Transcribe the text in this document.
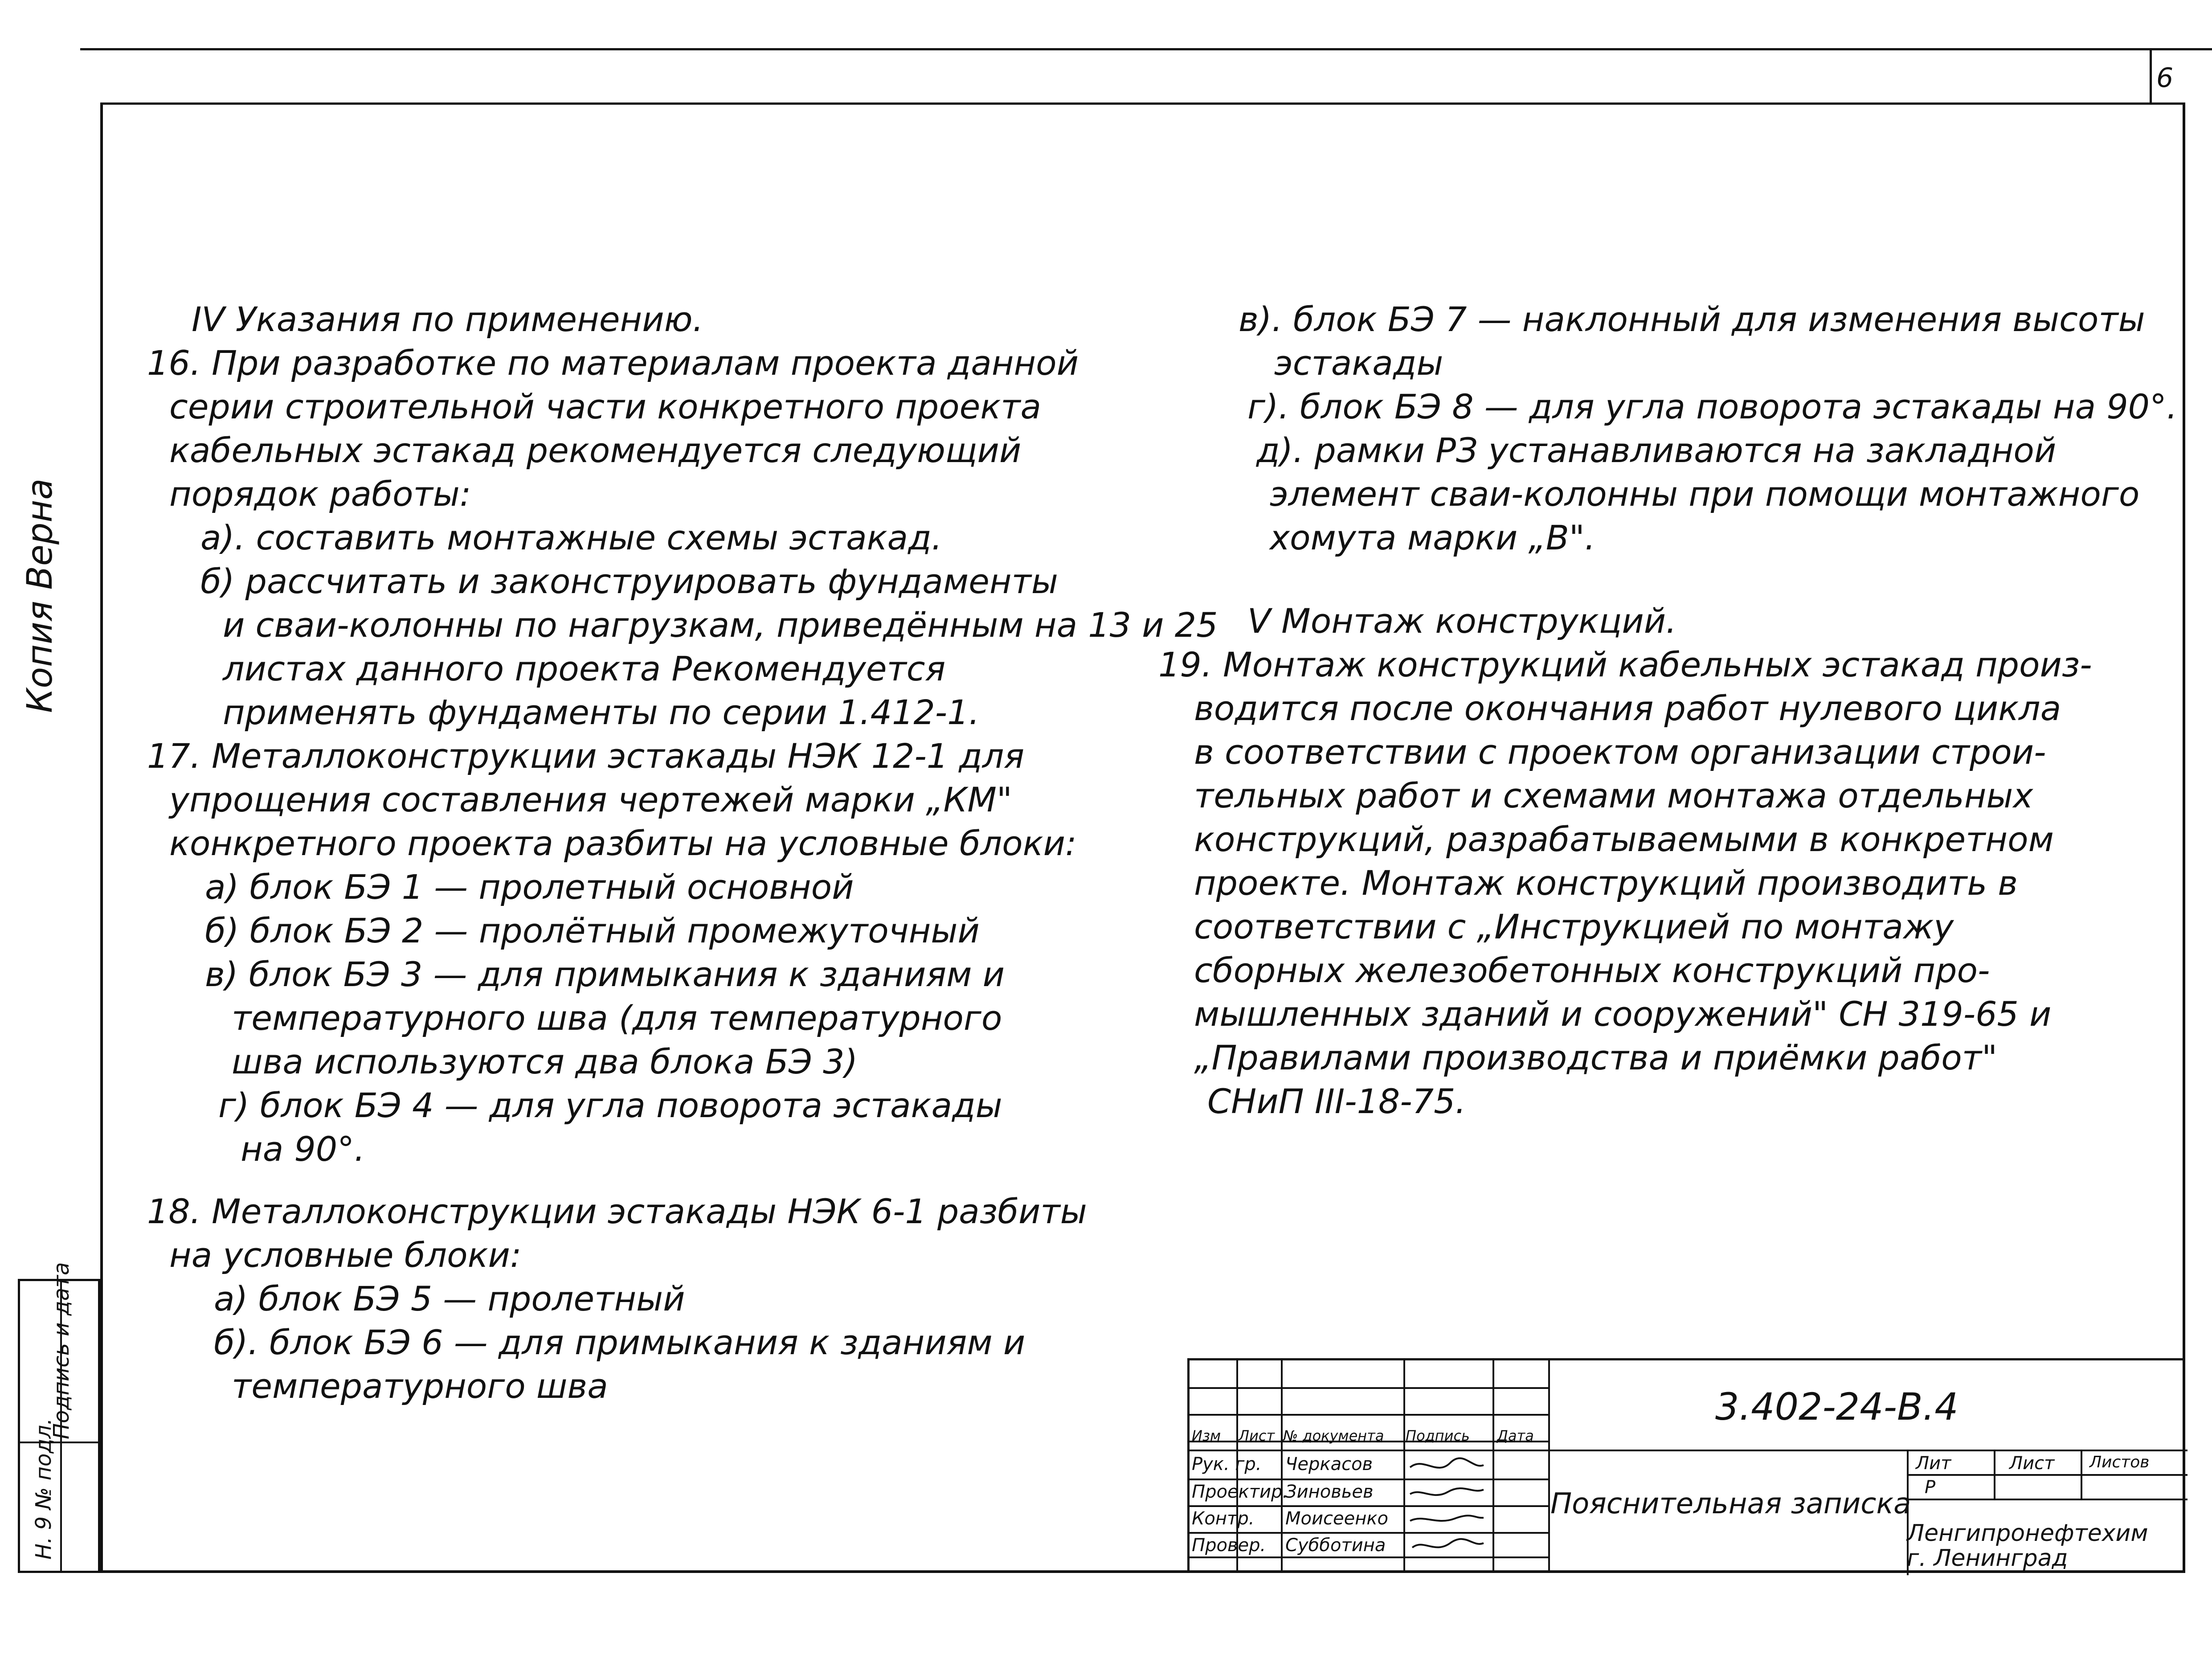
6
Копия Верна
Подпись и дата
Н. 9 № подл.
IV Указания по применению.
16. При разработке по материалам проекта данной
серии строительной части конкретного проекта
кабельных эстакад рекомендуется следующий
порядок работы:
а). составить монтажные схемы эстакад.
б) рассчитать и законструировать фундаменты
и сваи-колонны по нагрузкам, приведённым на 13 и 25
листах данного проекта Рекомендуется
применять фундаменты по серии 1.412-1.
17. Металлоконструкции эстакады НЭК 12-1 для
упрощения составления чертежей марки „КМ"
конкретного проекта разбиты на условные блоки:
а) блок БЭ 1 — пролетный основной
б) блок БЭ 2 — пролётный промежуточный
в) блок БЭ 3 — для примыкания к зданиям и
температурного шва (для температурного
шва используются два блока БЭ 3)
г) блок БЭ 4 — для угла поворота эстакады
на 90°.
18. Металлоконструкции эстакады НЭК 6-1 разбиты
на условные блоки:
а) блок БЭ 5 — пролетный
б). блок БЭ 6 — для примыкания к зданиям и
температурного шва
в). блок БЭ 7 — наклонный для изменения высоты
эстакады
г). блок БЭ 8 — для угла поворота эстакады на 90°.
д). рамки РЗ устанавливаются на закладной
элемент сваи-колонны при помощи монтажного
хомута марки „В".
V Монтаж конструкций.
19. Монтаж конструкций кабельных эстакад произ-
водится после окончания работ нулевого цикла
в соответствии с проектом организации строи-
тельных работ и схемами монтажа отдельных
конструкций, разрабатываемыми в конкретном
проекте. Монтаж конструкций производить в
соответствии с „Инструкцией по монтажу
сборных железобетонных конструкций про-
мышленных зданий и сооружений" СН 319-65 и
„Правилами производства и приёмки работ"
СНиП III-18-75.
Изм Лист № документа Подпись Дата
Рук. гр. Черкасов
Проектир.
Зиновьев
Контр. Моисеенко
Провер. Субботина
3.402-24-В.4
Пояснительная записка
Лит	Лист Листов
Р
Ленгипронефтехим
г. Ленинград
